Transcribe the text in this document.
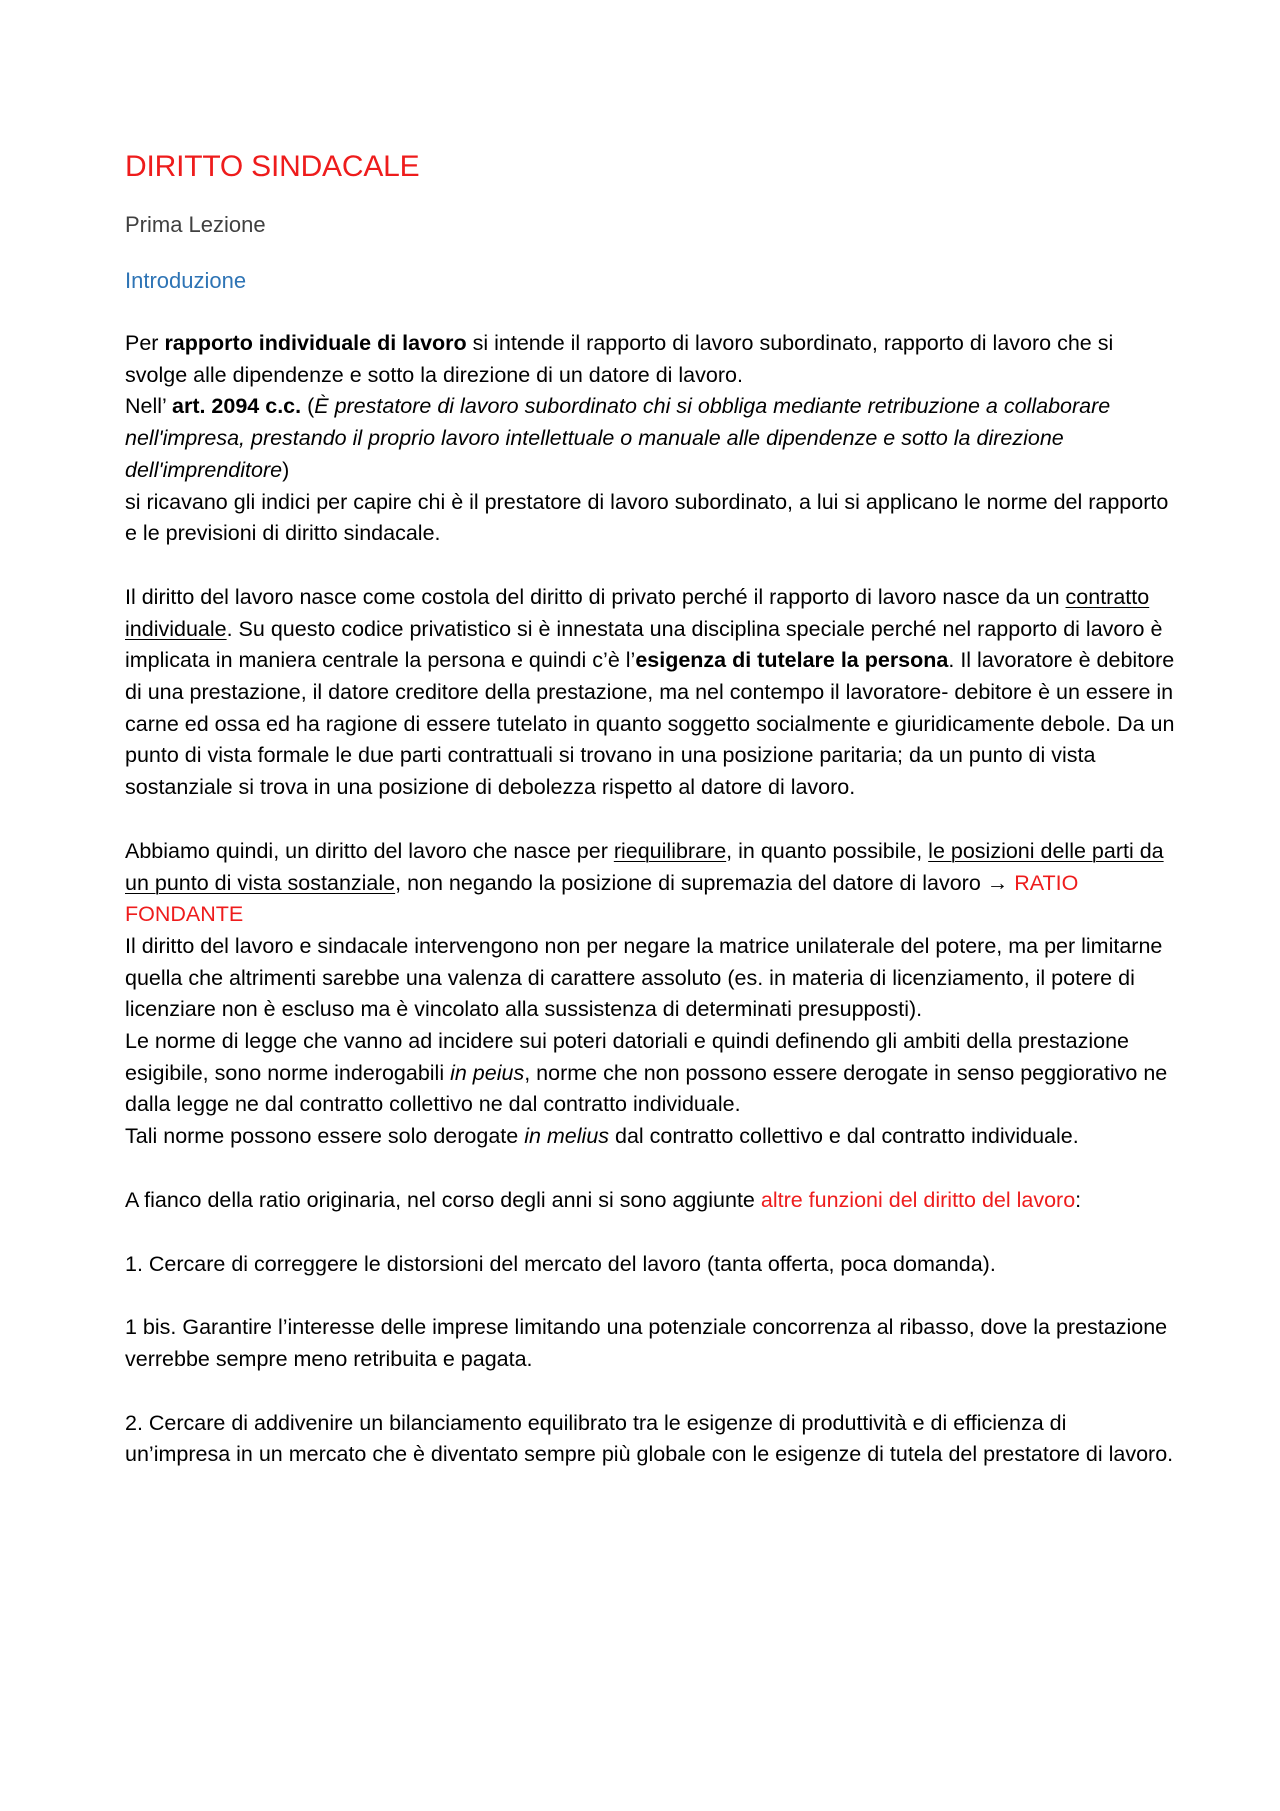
DIRITTO SINDACALE
Prima Lezione
Introduzione

Per rapporto individuale di lavoro si intende il rapporto di lavoro subordinato, rapporto di lavoro che si svolge alle dipendenze e sotto la direzione di un datore di lavoro.
Nell’ art. 2094 c.c. (È prestatore di lavoro subordinato chi si obbliga mediante retribuzione a collaborare nell'impresa, prestando il proprio lavoro intellettuale o manuale alle dipendenze e sotto la direzione dell'imprenditore)
si ricavano gli indici per capire chi è il prestatore di lavoro subordinato, a lui si applicano le norme del rapporto e le previsioni di diritto sindacale.

Il diritto del lavoro nasce come costola del diritto di privato perché il rapporto di lavoro nasce da un contratto individuale. Su questo codice privatistico si è innestata una disciplina speciale perché nel rapporto di lavoro è implicata in maniera centrale la persona e quindi c’è l’esigenza di tutelare la persona. Il lavoratore è debitore di una prestazione, il datore creditore della prestazione, ma nel contempo il lavoratore- debitore è un essere in carne ed ossa ed ha ragione di essere tutelato in quanto soggetto socialmente e giuridicamente debole. Da un punto di vista formale le due parti contrattuali si trovano in una posizione paritaria; da un punto di vista sostanziale si trova in una posizione di debolezza rispetto al datore di lavoro.

Abbiamo quindi, un diritto del lavoro che nasce per riequilibrare, in quanto possibile, le posizioni delle parti da un punto di vista sostanziale, non negando la posizione di supremazia del datore di lavoro → RATIO FONDANTE
Il diritto del lavoro e sindacale intervengono non per negare la matrice unilaterale del potere, ma per limitarne quella che altrimenti sarebbe una valenza di carattere assoluto (es. in materia di licenziamento, il potere di licenziare non è escluso ma è vincolato alla sussistenza di determinati presupposti).
Le norme di legge che vanno ad incidere sui poteri datoriali e quindi definendo gli ambiti della prestazione esigibile, sono norme inderogabili in peius, norme che non possono essere derogate in senso peggiorativo ne dalla legge ne dal contratto collettivo ne dal contratto individuale.
Tali norme possono essere solo derogate in melius dal contratto collettivo e dal contratto individuale.

A fianco della ratio originaria, nel corso degli anni si sono aggiunte altre funzioni del diritto del lavoro:

1. Cercare di correggere le distorsioni del mercato del lavoro (tanta offerta, poca domanda).

1 bis. Garantire l’interesse delle imprese limitando una potenziale concorrenza al ribasso, dove la prestazione verrebbe sempre meno retribuita e pagata.

2. Cercare di addivenire un bilanciamento equilibrato tra le esigenze di produttività e di efficienza di un’impresa in un mercato che è diventato sempre più globale con le esigenze di tutela del prestatore di lavoro.
